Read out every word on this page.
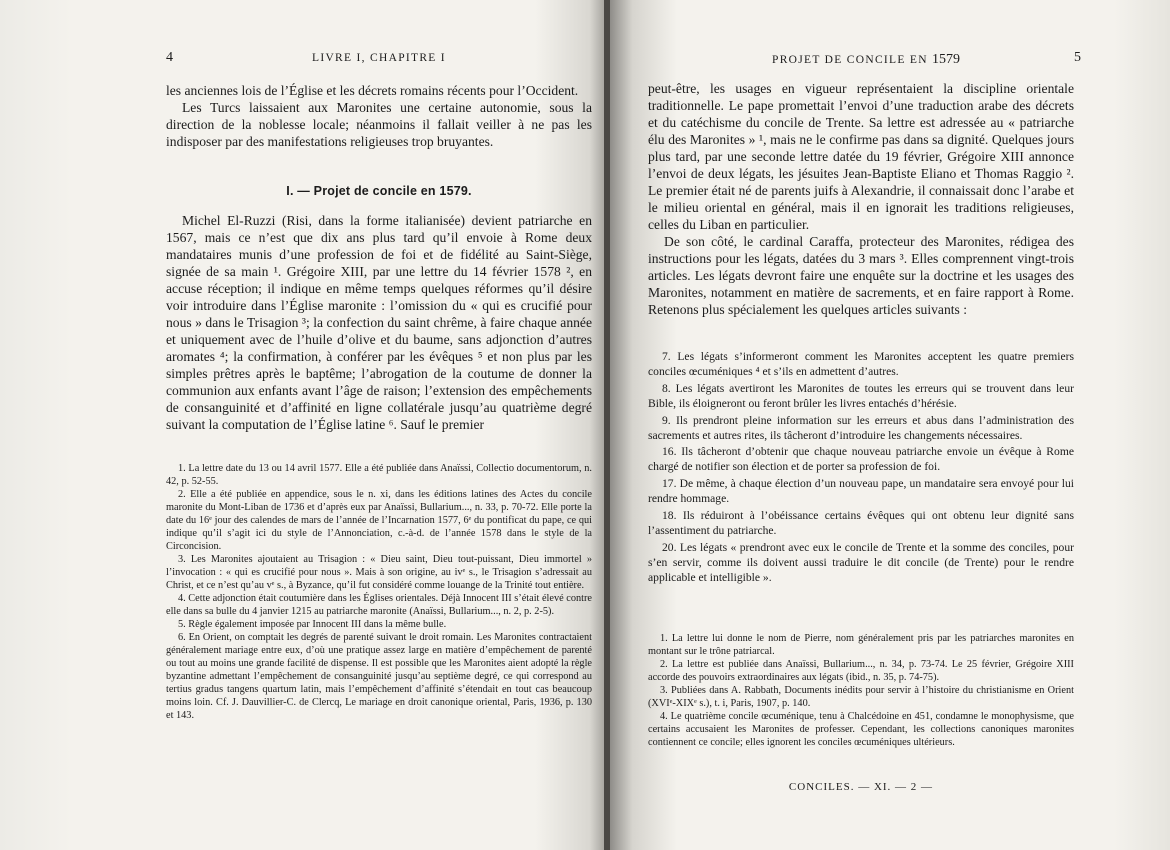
4	LIVRE I, CHAPITRE I

les anciennes lois de l’Église et les décrets romains récents pour l’Occident.

Les Turcs laissaient aux Maronites une certaine autonomie, sous la direction de la noblesse locale; néanmoins il fallait veiller à ne pas les indisposer par des manifestations religieuses trop bruyantes.

I. — Projet de concile en 1579.

Michel El-Ruzzi (Risi, dans la forme italianisée) devient patriarche en 1567, mais ce n’est que dix ans plus tard qu’il envoie à Rome deux mandataires munis d’une profession de foi et de fidélité au Saint-Siège, signée de sa main ¹. Grégoire XIII, par une lettre du 14 février 1578 ², en accuse réception; il indique en même temps quelques réformes qu’il désire voir introduire dans l’Église maronite : l’omission du « qui es crucifié pour nous » dans le Trisagion ³; la confection du saint chrême, à faire chaque année et uniquement avec de l’huile d’olive et du baume, sans adjonction d’autres aromates ⁴; la confirmation, à conférer par les évêques ⁵ et non plus par les simples prêtres après le baptême; l’abrogation de la coutume de donner la communion aux enfants avant l’âge de raison; l’extension des empêchements de consanguinité et d’affinité en ligne collatérale jusqu’au quatrième degré suivant la computation de l’Église latine ⁶. Sauf le premier

1. La lettre date du 13 ou 14 avril 1577. Elle a été publiée dans Anaïssi, Collectio documentorum, n. 42, p. 52-55.

2. Elle a été publiée en appendice, sous le n. xi, dans les éditions latines des Actes du concile maronite du Mont-Liban de 1736 et d’après eux par Anaïssi, Bullarium..., n. 33, p. 70-72. Elle porte la date du 16ᵉ jour des calendes de mars de l’année de l’Incarnation 1577, 6ᵉ du pontificat du pape, ce qui indique qu’il s’agit ici du style de l’Annonciation, c.-à-d. de l’année 1578 dans le style de la Circoncision.

3. Les Maronites ajoutaient au Trisagion : « Dieu saint, Dieu tout-puissant, Dieu immortel » l’invocation : « qui es crucifié pour nous ». Mais à son origine, au ivᵉ s., le Trisagion s’adressait au Christ, et ce n’est qu’au vᵉ s., à Byzance, qu’il fut considéré comme louange de la Trinité tout entière.

4. Cette adjonction était coutumière dans les Églises orientales. Déjà Innocent III s’était élevé contre elle dans sa bulle du 4 janvier 1215 au patriarche maronite (Anaïssi, Bullarium..., n. 2, p. 2-5).

5. Règle également imposée par Innocent III dans la même bulle.

6. En Orient, on comptait les degrés de parenté suivant le droit romain. Les Maronites contractaient généralement mariage entre eux, d’où une pratique assez large en matière d’empêchement de parenté ou tout au moins une grande facilité de dispense. Il est possible que les Maronites aient adopté la règle byzantine admettant l’empêchement de consanguinité jusqu’au septième degré, ce qui correspond au tertius gradus tangens quartum latin, mais l’empêchement d’affinité s’étendait en tout cas beaucoup moins loin. Cf. J. Dauvillier-C. de Clercq, Le mariage en droit canonique oriental, Paris, 1936, p. 130 et 143.

PROJET DE CONCILE EN 1579	5

peut-être, les usages en vigueur représentaient la discipline orientale traditionnelle. Le pape promettait l’envoi d’une traduction arabe des décrets et du catéchisme du concile de Trente. Sa lettre est adressée au « patriarche élu des Maronites » ¹, mais ne le confirme pas dans sa dignité. Quelques jours plus tard, par une seconde lettre datée du 19 février, Grégoire XIII annonce l’envoi de deux légats, les jésuites Jean-Baptiste Eliano et Thomas Raggio ². Le premier était né de parents juifs à Alexandrie, il connaissait donc l’arabe et le milieu oriental en général, mais il en ignorait les traditions religieuses, celles du Liban en particulier.

De son côté, le cardinal Caraffa, protecteur des Maronites, rédigea des instructions pour les légats, datées du 3 mars ³. Elles comprennent vingt-trois articles. Les légats devront faire une enquête sur la doctrine et les usages des Maronites, notamment en matière de sacrements, et en faire rapport à Rome. Retenons plus spécialement les quelques articles suivants :

7. Les légats s’informeront comment les Maronites acceptent les quatre premiers conciles œcuméniques ⁴ et s’ils en admettent d’autres.

8. Les légats avertiront les Maronites de toutes les erreurs qui se trouvent dans leur Bible, ils éloigneront ou feront brûler les livres entachés d’hérésie.

9. Ils prendront pleine information sur les erreurs et abus dans l’administration des sacrements et autres rites, ils tâcheront d’introduire les changements nécessaires.

16. Ils tâcheront d’obtenir que chaque nouveau patriarche envoie un évêque à Rome chargé de notifier son élection et de porter sa profession de foi.

17. De même, à chaque élection d’un nouveau pape, un mandataire sera envoyé pour lui rendre hommage.

18. Ils réduiront à l’obéissance certains évêques qui ont obtenu leur dignité sans l’assentiment du patriarche.

20. Les légats « prendront avec eux le concile de Trente et la somme des conciles, pour s’en servir, comme ils doivent aussi traduire le dit concile (de Trente) pour le rendre applicable et intelligible ».

1. La lettre lui donne le nom de Pierre, nom généralement pris par les patriarches maronites en montant sur le trône patriarcal.

2. La lettre est publiée dans Anaïssi, Bullarium..., n. 34, p. 73-74. Le 25 février, Grégoire XIII accorde des pouvoirs extraordinaires aux légats (ibid., n. 35, p. 74-75).

3. Publiées dans A. Rabbath, Documents inédits pour servir à l’histoire du christianisme en Orient (XVIᵉ-XIXᵉ s.), t. i, Paris, 1907, p. 140.

4. Le quatrième concile œcuménique, tenu à Chalcédoine en 451, condamne le monophysisme, que certains accusaient les Maronites de professer. Cependant, les collections canoniques maronites contiennent ce concile; elles ignorent les conciles œcuméniques ultérieurs.

CONCILES. — XI. — 2 —
